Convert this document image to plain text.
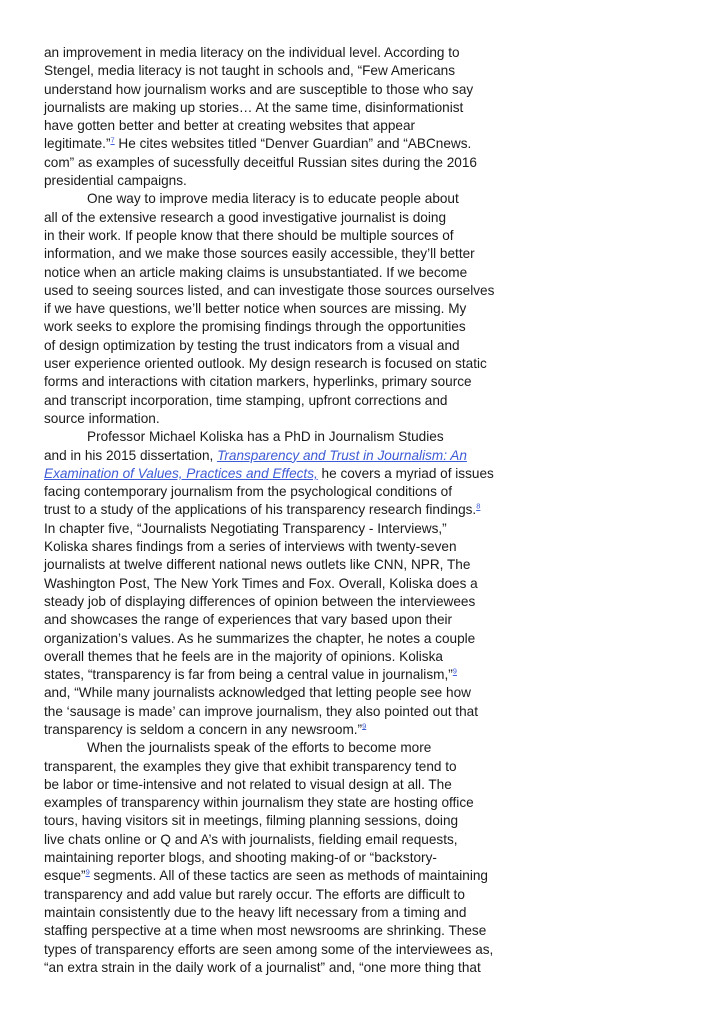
an improvement in media literacy on the individual level. According to
Stengel, media literacy is not taught in schools and, “Few Americans
understand how journalism works and are susceptible to those who say
journalists are making up stories… At the same time, disinformationist
have gotten better and better at creating websites that appear
legitimate.”$^7$ He cites websites titled “Denver Guardian” and “ABCnews.
com” as examples of sucessfully deceitful Russian sites during the 2016
presidential campaigns.
One way to improve media literacy is to educate people about
all of the extensive research a good investigative journalist is doing
in their work. If people know that there should be multiple sources of
information, and we make those sources easily accessible, they’ll better
notice when an article making claims is unsubstantiated. If we become
used to seeing sources listed, and can investigate those sources ourselves
if we have questions, we’ll better notice when sources are missing. My
work seeks to explore the promising findings through the opportunities
of design optimization by testing the trust indicators from a visual and
user experience oriented outlook. My design research is focused on static
forms and interactions with citation markers, hyperlinks, primary source
and transcript incorporation, time stamping, upfront corrections and
source information.
Professor Michael Koliska has a PhD in Journalism Studies
and in his 2015 dissertation, Transparency and Trust in Journalism: An
Examination of Values, Practices and Effects, he covers a myriad of issues
facing contemporary journalism from the psychological conditions of
trust to a study of the applications of his transparency research findings.$^8$
In chapter five, “Journalists Negotiating Transparency - Interviews,”
Koliska shares findings from a series of interviews with twenty-seven
journalists at twelve different national news outlets like CNN, NPR, The
Washington Post, The New York Times and Fox. Overall, Koliska does a
steady job of displaying differences of opinion between the interviewees
and showcases the range of experiences that vary based upon their
organization’s values. As he summarizes the chapter, he notes a couple
overall themes that he feels are in the majority of opinions. Koliska
states, “transparency is far from being a central value in journalism,”$^9$
and, “While many journalists acknowledged that letting people see how
the ‘sausage is made’ can improve journalism, they also pointed out that
transparency is seldom a concern in any newsroom.”$^9$
When the journalists speak of the efforts to become more
transparent, the examples they give that exhibit transparency tend to
be labor or time-intensive and not related to visual design at all. The
examples of transparency within journalism they state are hosting office
tours, having visitors sit in meetings, filming planning sessions, doing
live chats online or Q and A’s with journalists, fielding email requests,
maintaining reporter blogs, and shooting making-of or “backstory-
esque”$^9$ segments. All of these tactics are seen as methods of maintaining
transparency and add value but rarely occur. The efforts are difficult to
maintain consistently due to the heavy lift necessary from a timing and
staffing perspective at a time when most newsrooms are shrinking. These
types of transparency efforts are seen among some of the interviewees as,
“an extra strain in the daily work of a journalist” and, “one more thing that
